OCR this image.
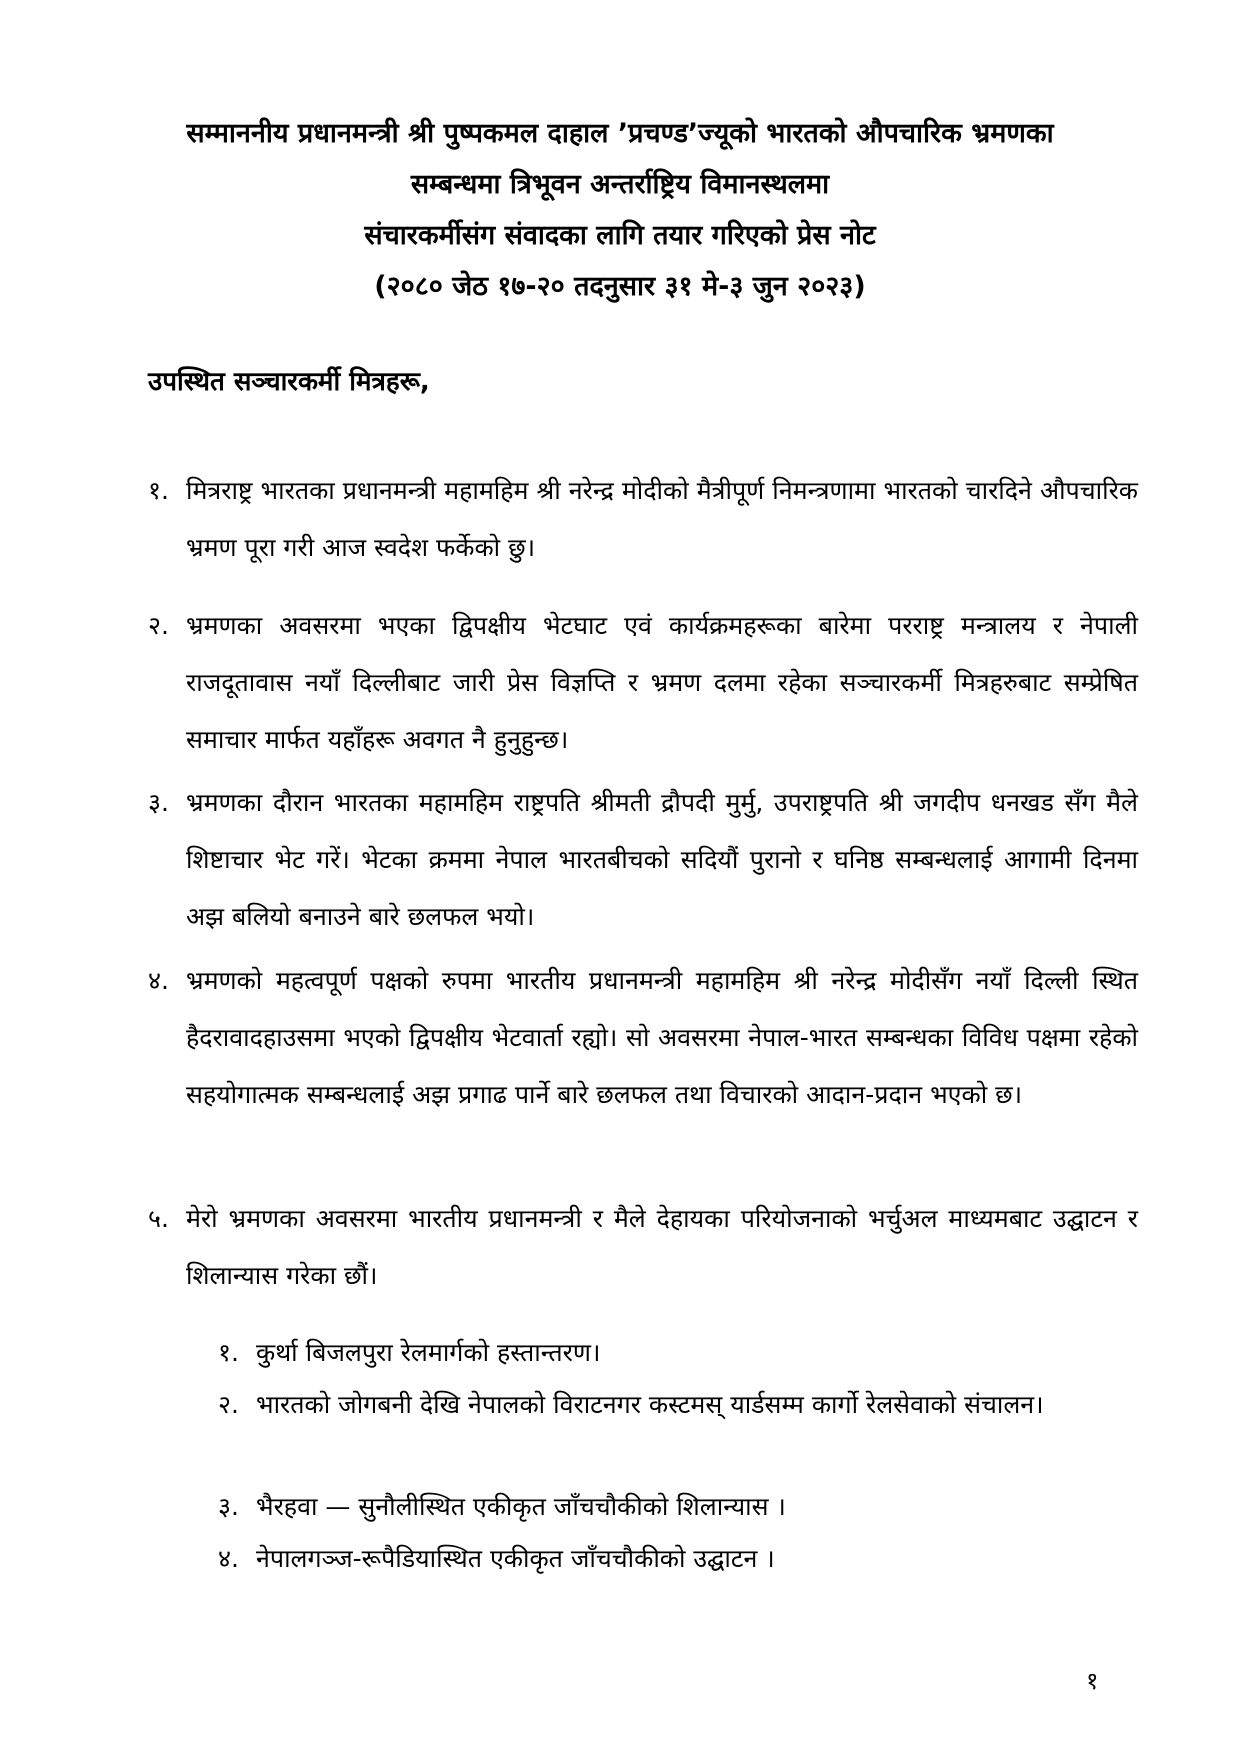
सम्माननीय प्रधानमन्त्री श्री पुष्पकमल दाहाल ’प्रचण्ड’ज्यूको भारतको औपचारिक भ्रमणका
सम्बन्धमा त्रिभूवन अन्तर्राष्ट्रिय विमानस्थलमा
संचारकर्मीसंग संवादका लागि तयार गरिएको प्रेस नोट
(२०८० जेठ १७-२० तदनुसार ३१ मे-३ जुन २०२३)
उपस्थित सञ्चारकर्मी मित्रहरू,
१. मित्रराष्ट्र भारतका प्रधानमन्त्री महामहिम श्री नरेन्द्र मोदीको मैत्रीपूर्ण निमन्त्रणामा भारतको चारदिने औपचारिक भ्रमण पूरा गरी आज स्वदेश फर्केको छु।
२. भ्रमणका अवसरमा भएका द्विपक्षीय भेटघाट एवं कार्यक्रमहरूका बारेमा परराष्ट्र मन्त्रालय र नेपाली राजदूतावास नयाँ दिल्लीबाट जारी प्रेस विज्ञप्ति र भ्रमण दलमा रहेका सञ्चारकर्मी मित्रहरुबाट सम्प्रेषित समाचार मार्फत यहाँहरू अवगत नै हुनुहुन्छ।
३. भ्रमणका दौरान भारतका महामहिम राष्ट्रपति श्रीमती द्रौपदी मुर्मु, उपराष्ट्रपति श्री जगदीप धनखड सँग मैले शिष्टाचार भेट गरें। भेटका क्रममा नेपाल भारतबीचको सदियौं पुरानो र घनिष्ठ सम्बन्धलाई आगामी दिनमा अझ बलियो बनाउने बारे छलफल भयो।
४. भ्रमणको महत्वपूर्ण पक्षको रुपमा भारतीय प्रधानमन्त्री महामहिम श्री नरेन्द्र मोदीसँग नयाँ दिल्ली स्थित हैदरावादहाउसमा भएको द्विपक्षीय भेटवार्ता रह्यो। सो अवसरमा नेपाल-भारत सम्बन्धका विविध पक्षमा रहेको सहयोगात्मक सम्बन्धलाई अझ प्रगाढ पार्ने बारे छलफल तथा विचारको आदान-प्रदान भएको छ।
५. मेरो भ्रमणका अवसरमा भारतीय प्रधानमन्त्री र मैले देहायका परियोजनाको भर्चुअल माध्यमबाट उद्घाटन र शिलान्यास गरेका छौं।
१. कुर्था बिजलपुरा रेलमार्गको हस्तान्तरण।
२. भारतको जोगबनी देखि नेपालको विराटनगर कस्टमस् यार्डसम्म कार्गो रेलसेवाको संचालन।
३. भैरहवा — सुनौलीस्थित एकीकृत जाँचचौकीको शिलान्यास ।
४. नेपालगञ्ज-रूपैडियास्थित एकीकृत जाँचचौकीको उद्घाटन ।
१
